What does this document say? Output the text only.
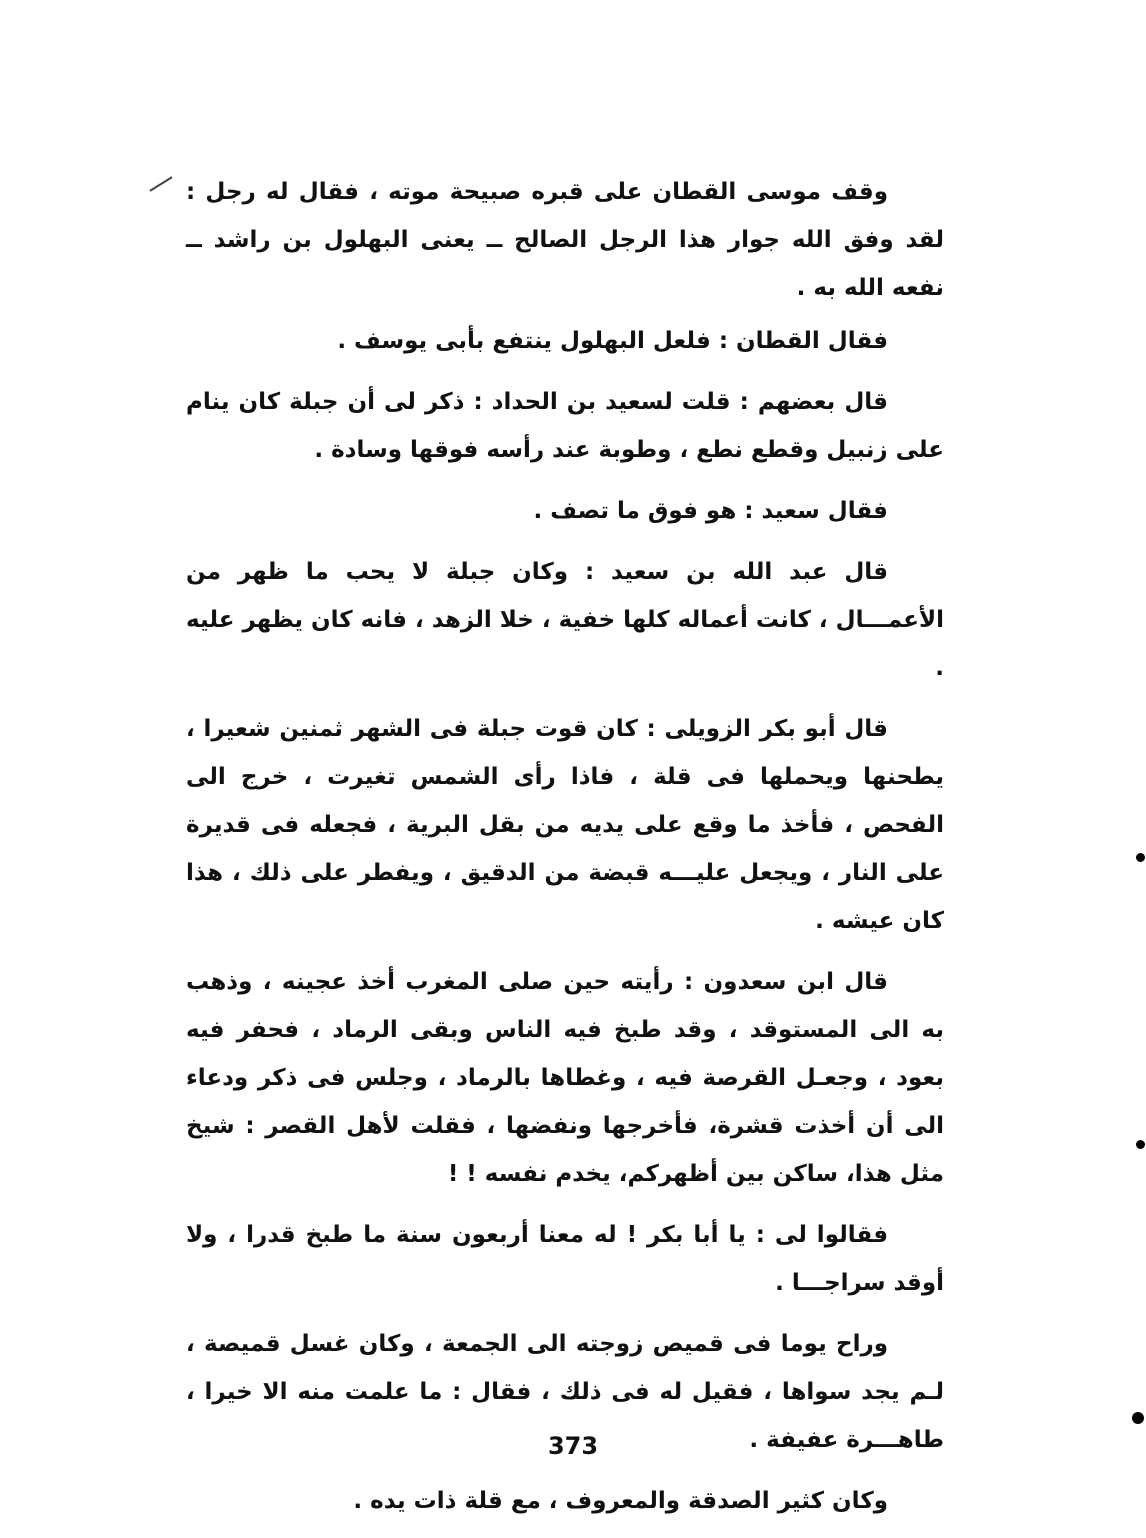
وقف موسى القطان على قبره صبيحة موته ، فقال له رجل : لقد وفق الله جوار هذا الرجل الصالح ــ يعنى البهلول بن راشد ــ نفعه الله به .

فقال القطان : فلعل البهلول ينتفع بأبى يوسف .

قال بعضهم : قلت لسعيد بن الحداد : ذكر لى أن جبلة كان ينام على زنبيل وقطع نطع ، وطوبة عند رأسه فوقها وسادة .

فقال سعيد : هو فوق ما تصف .

قال عبد الله بن سعيد : وكان جبلة لا يحب ما ظهر من الأعمـــال ، كانت أعماله كلها خفية ، خلا الزهد ، فانه كان يظهر عليه .

قال أبو بكر الزويلى : كان قوت جبلة فى الشهر ثمنين شعيرا ، يطحنها ويحملها فى قلة ، فاذا رأى الشمس تغيرت ، خرج الى الفحص ، فأخذ ما وقع على يديه من بقل البرية ، فجعله فى قديرة على النار ، ويجعل عليـــه قبضة من الدقيق ، ويفطر على ذلك ، هذا كان عيشه .

قال ابن سعدون : رأيته حين صلى المغرب أخذ عجينه ، وذهب به الى المستوقد ، وقد طبخ فيه الناس وبقى الرماد ، فحفر فيه بعود ، وجعـل القرصة فيه ، وغطاها بالرماد ، وجلس فى ذكر ودعاء الى أن أخذت قشرة، فأخرجها ونفضها ، فقلت لأهل القصر : شيخ مثل هذا، ساكن بين أظهركم، يخدم نفسه ! !

فقالوا لى : يا أبا بكر ! له معنا أربعون سنة ما طبخ قدرا ، ولا أوقد سراجـــا .

وراح يوما فى قميص زوجته الى الجمعة ، وكان غسل قميصة ، لـم يجد سواها ، فقيل له فى ذلك ، فقال : ما علمت منه الا خيرا ، طاهـــرة عفيفة .

وكان كثير الصدقة والمعروف ، مع قلة ذات يده .

373
